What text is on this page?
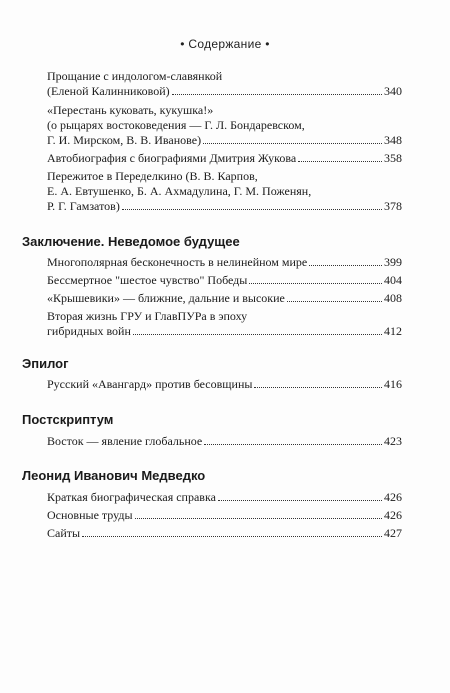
• Содержание •
Прощание с индологом-славянкой
(Еленой Калинниковой)	340
«Перестань куковать, кукушка!»
(о рыцарях востоковедения — Г. Л. Бондаревском,
Г. И. Мирском, В. В. Иванове)	348
Автобиография с биографиями Дмитрия Жукова	358
Пережитое в Переделкино (В. В. Карпов,
Е. А. Евтушенко, Б. А. Ахмадулина, Г. М. Поженян,
Р. Г. Гамзатов)	378
Заключение. Неведомое будущее
Многополярная бесконечность в нелинейном мире	399
Бессмертное "шестое чувство" Победы	404
«Крышевики» — ближние, дальние и высокие	408
Вторая жизнь ГРУ и ГлавПУРа в эпоху
гибридных войн	412
Эпилог
Русский «Авангард» против бесовщины	416
Постскриптум
Восток — явление глобальное	423
Леонид Иванович Медведко
Краткая биографическая справка	426
Основные труды	426
Сайты	427
